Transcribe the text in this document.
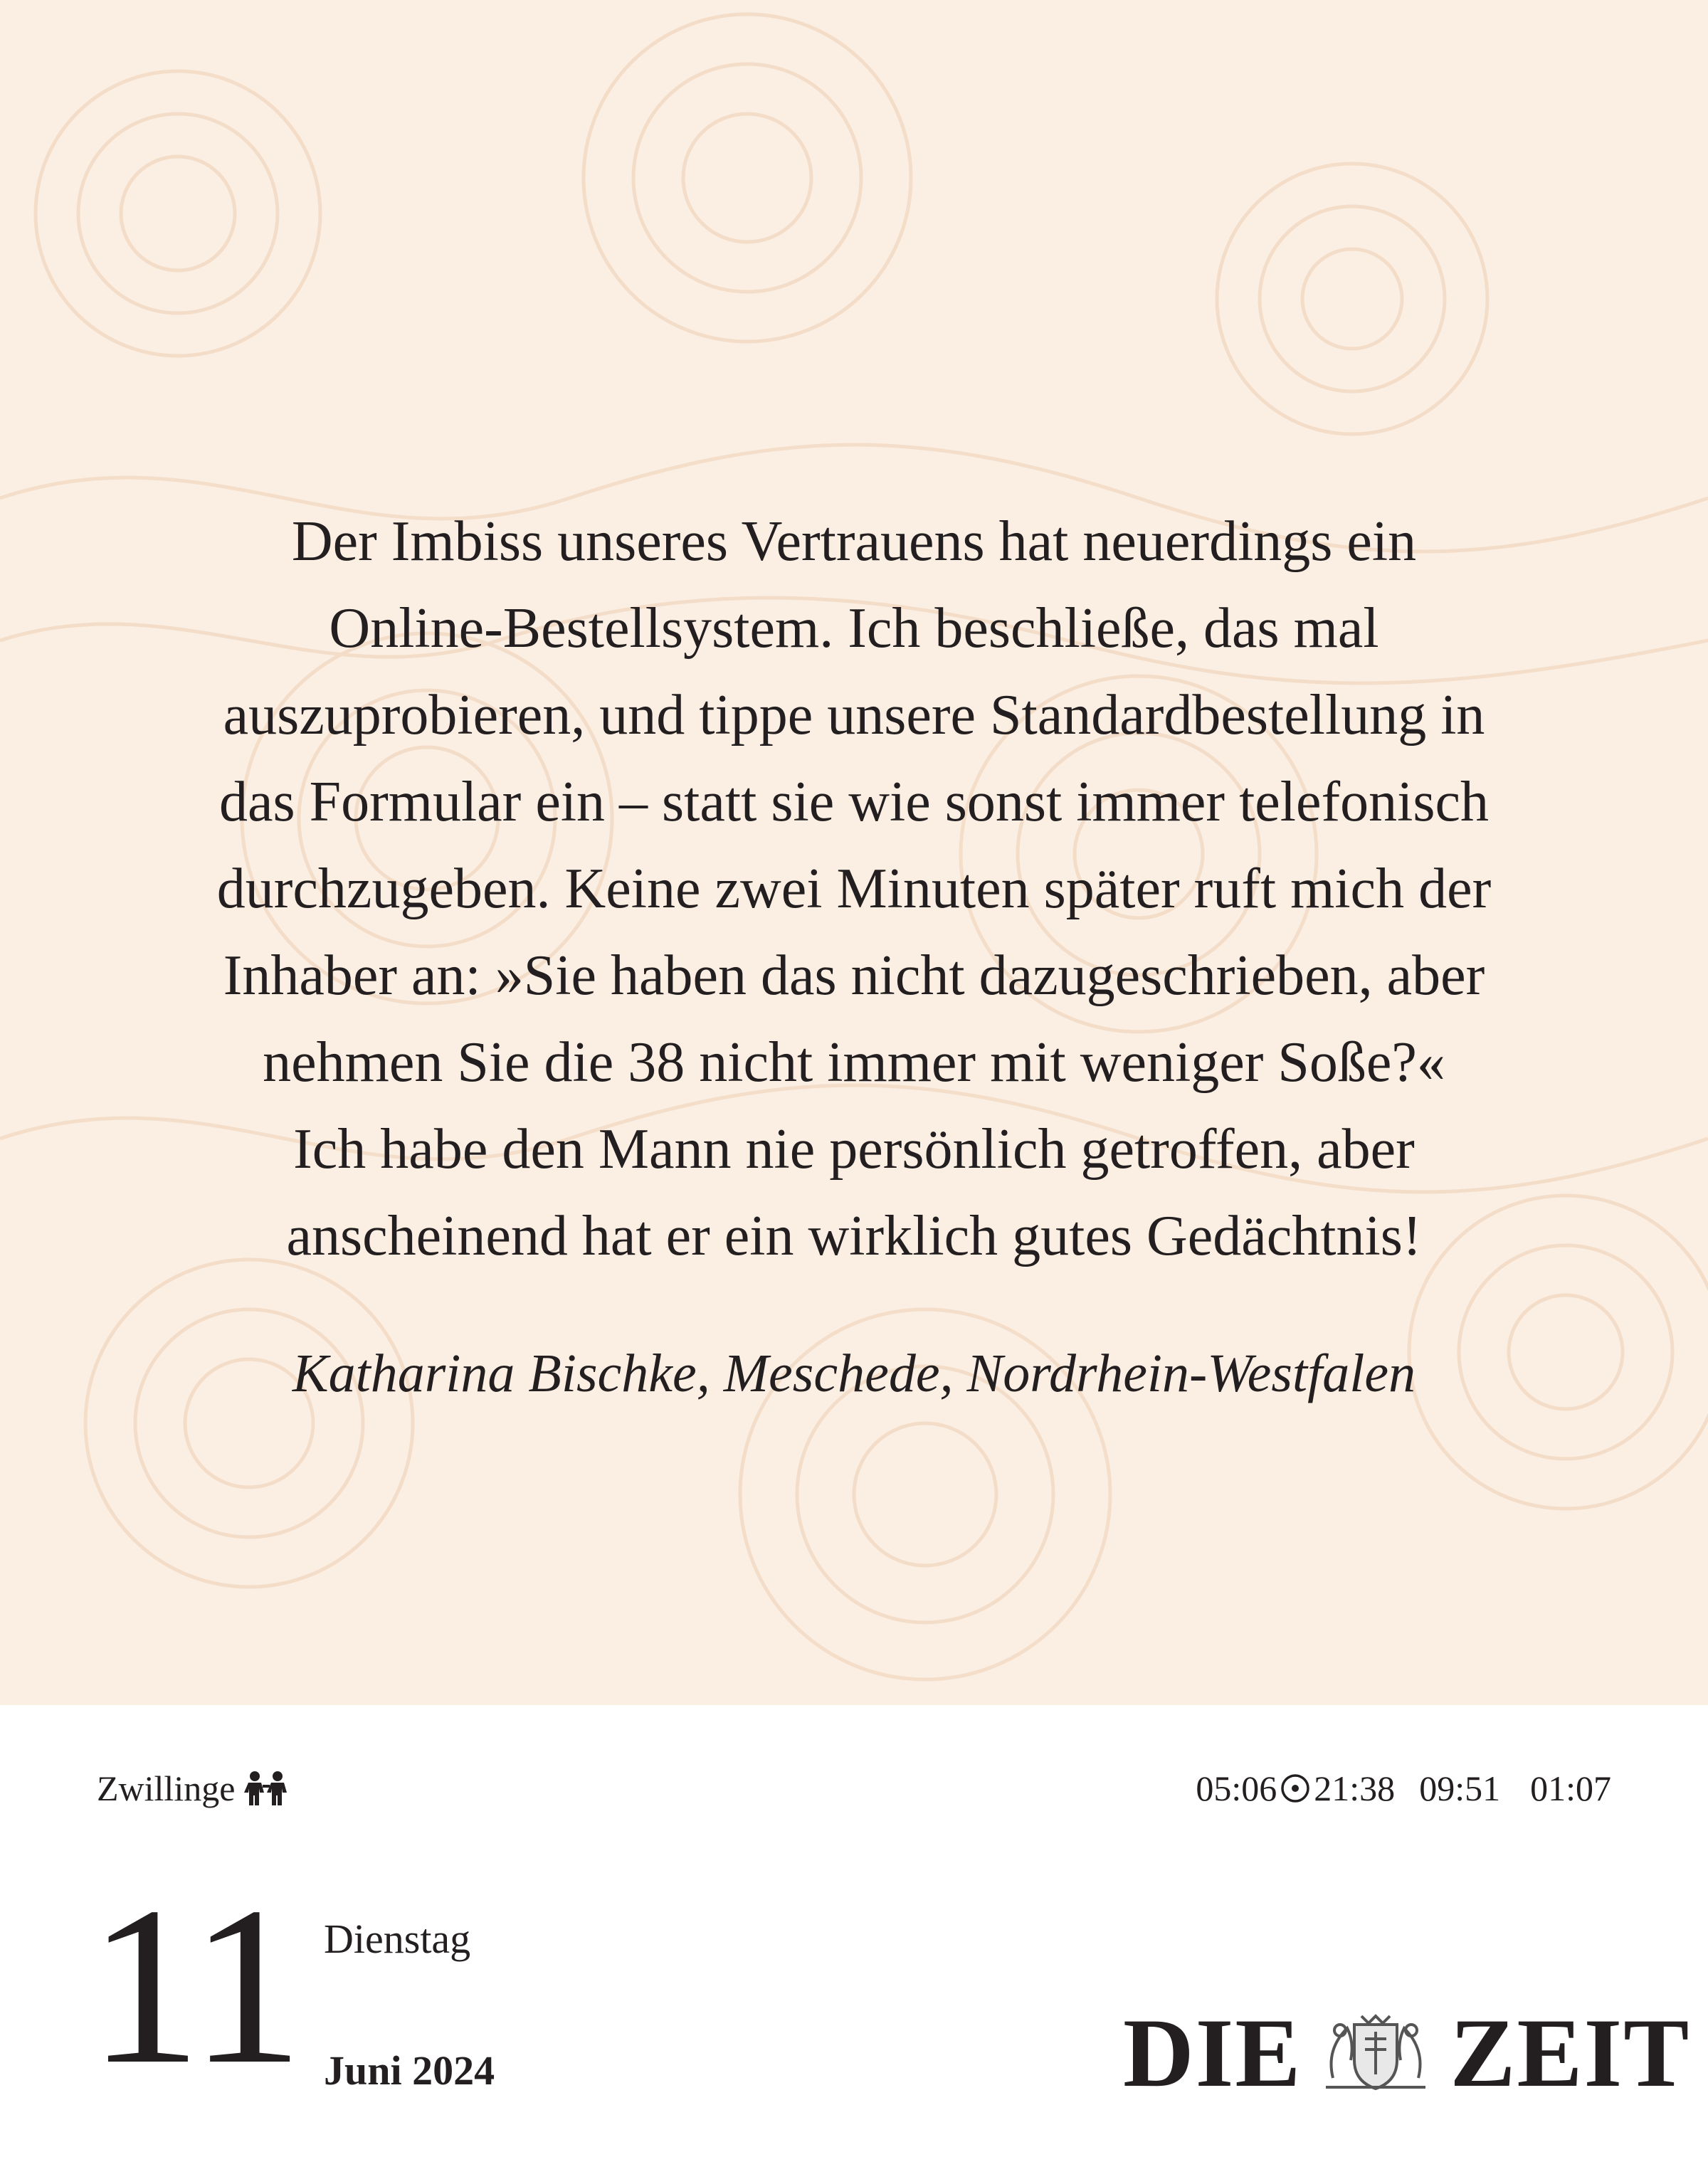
Der Imbiss unseres Vertrauens hat neuerdings ein
Online-Bestellsystem. Ich beschließe, das mal
auszuprobieren, und tippe unsere Standardbestellung in
das Formular ein – statt sie wie sonst immer telefonisch
durchzugeben. Keine zwei Minuten später ruft mich der
Inhaber an: »Sie haben das nicht dazugeschrieben, aber
nehmen Sie die 38 nicht immer mit weniger Soße?«
Ich habe den Mann nie persönlich getroffen, aber
anscheinend hat er ein wirklich gutes Gedächtnis!

Katharina Bischke, Meschede, Nordrhein-Westfalen

Zwillinge	05:06 21:38 09:51 01:07
11 Dienstag
Juni 2024	DIE ZEIT
